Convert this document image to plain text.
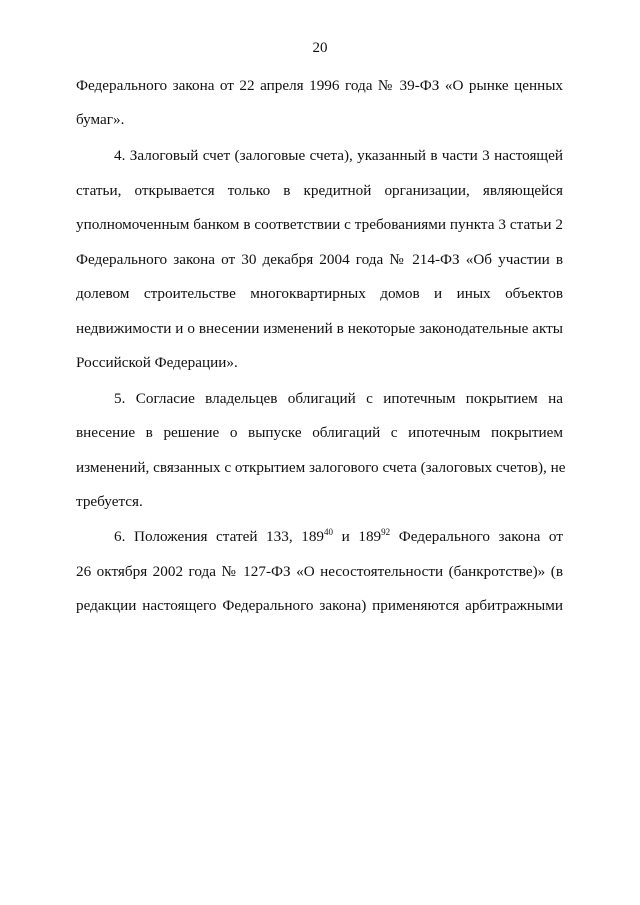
20
Федерального закона от 22 апреля 1996 года № 39-ФЗ «О рынке ценных
бумаг».
4. Залоговый счет (залоговые счета), указанный в части 3 настоящей
статьи, открывается только в кредитной организации, являющейся
уполномоченным банком в соответствии с требованиями пункта 3 статьи 2
Федерального закона от 30 декабря 2004 года № 214-ФЗ «Об участии в
долевом строительстве многоквартирных домов и иных объектов
недвижимости и о внесении изменений в некоторые законодательные акты
Российской Федерации».
5. Согласие владельцев облигаций с ипотечным покрытием на
внесение в решение о выпуске облигаций с ипотечным покрытием
изменений, связанных с открытием залогового счета (залоговых счетов), не
требуется.
6. Положения статей 133, $189^{40}$ и $189^{92}$ Федерального закона от
26 октября 2002 года № 127-ФЗ «О несостоятельности (банкротстве)» (в
редакции настоящего Федерального закона) применяются арбитражными
